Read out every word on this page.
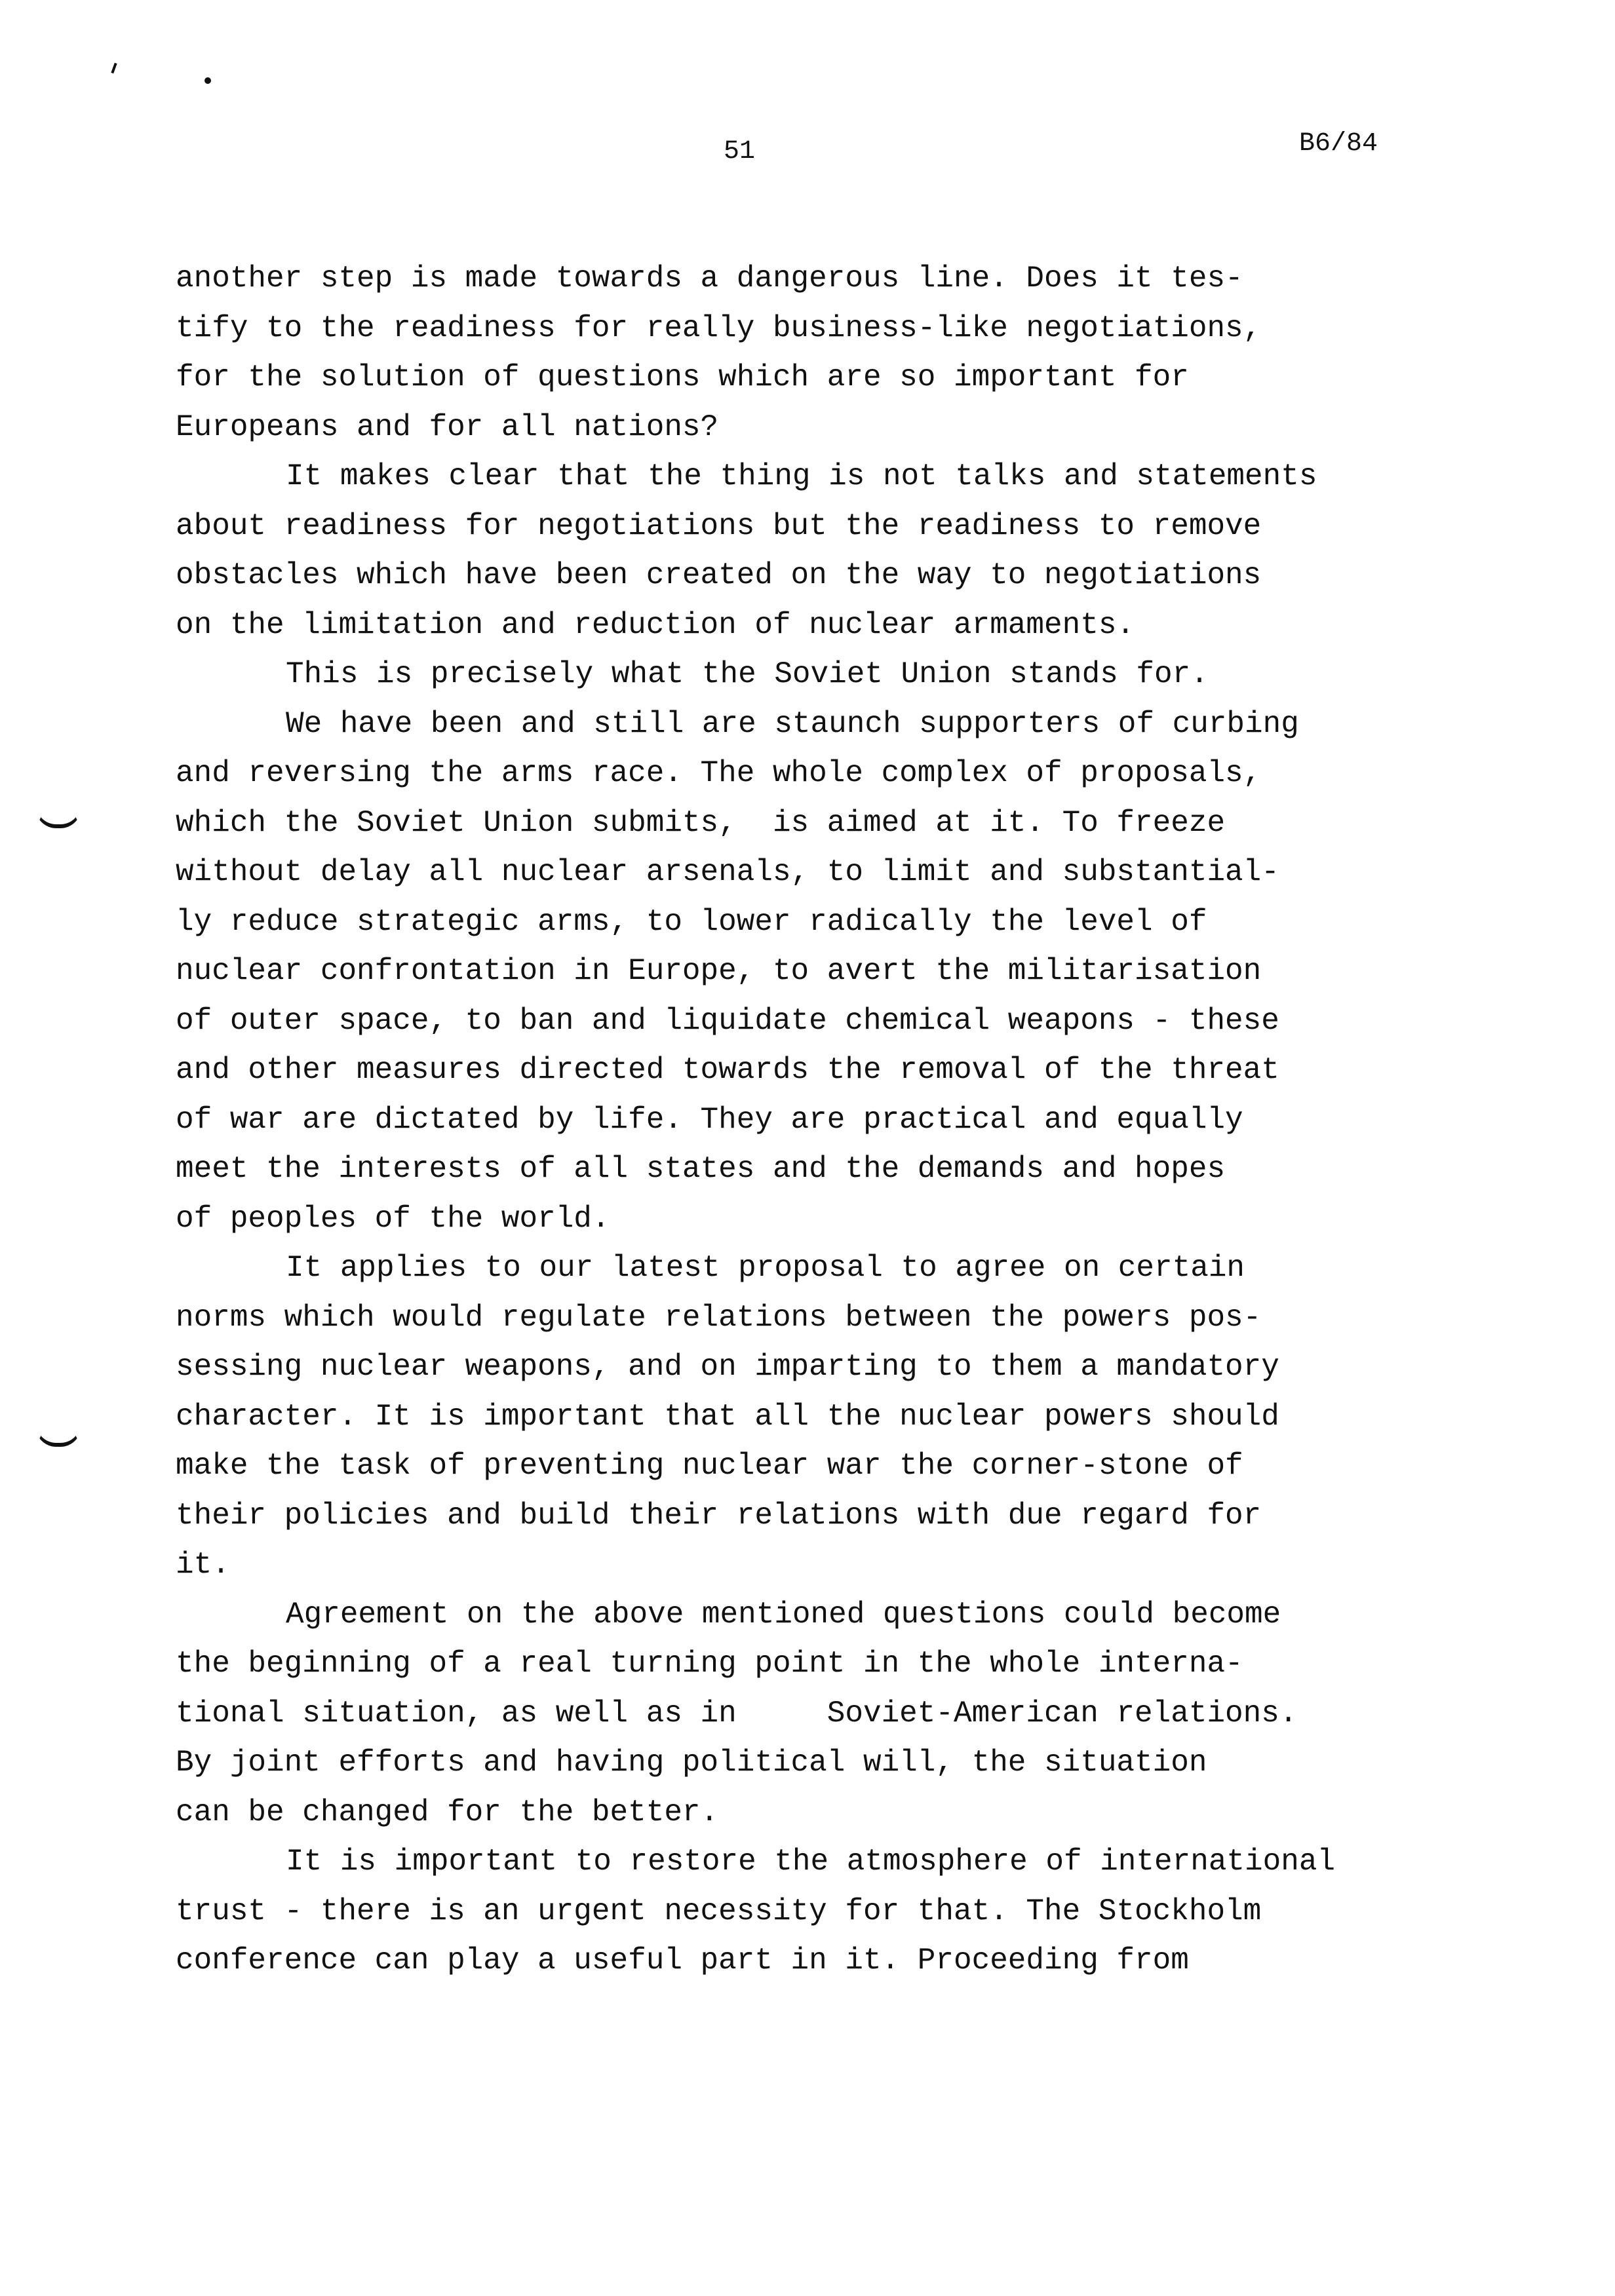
51	B6/84
another step is made towards a dangerous line. Does it tes-
tify to the readiness for really business-like negotiations,
for the solution of questions which are so important for
Europeans and for all nations?
It makes clear that the thing is not talks and statements
about readiness for negotiations but the readiness to remove
obstacles which have been created on the way to negotiations
on the limitation and reduction of nuclear armaments.
This is precisely what the Soviet Union stands for.
We have been and still are staunch supporters of curbing
and reversing the arms race. The whole complex of proposals,
which the Soviet Union submits,  is aimed at it. To freeze
without delay all nuclear arsenals, to limit and substantial-
ly reduce strategic arms, to lower radically the level of
nuclear confrontation in Europe, to avert the militarisation
of outer space, to ban and liquidate chemical weapons - these
and other measures directed towards the removal of the threat
of war are dictated by life. They are practical and equally
meet the interests of all states and the demands and hopes
of peoples of the world.
It applies to our latest proposal to agree on certain
norms which would regulate relations between the powers pos-
sessing nuclear weapons, and on imparting to them a mandatory
character. It is important that all the nuclear powers should
make the task of preventing nuclear war the corner-stone of
their policies and build their relations with due regard for
it.
Agreement on the above mentioned questions could become
the beginning of a real turning point in the whole interna-
tional situation, as well as in     Soviet-American relations.
By joint efforts and having political will, the situation
can be changed for the better.
It is important to restore the atmosphere of international
trust - there is an urgent necessity for that. The Stockholm
conference can play a useful part in it. Proceeding from
